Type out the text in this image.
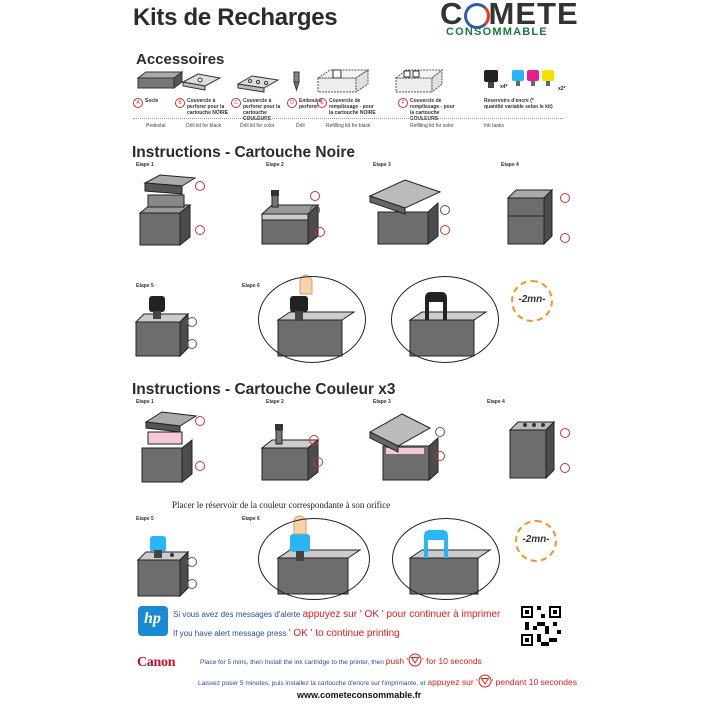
Kits de Recharges	C METE
CONSOMMABLE
Accessoires
x4*	x2*
A Socle	B Couvercle à perforer pour la cartouche NOIRE
C Couvercle à perforer pour la cartouche COULEURS
D Embout à perforer
E Couvercle de remplissage - pour la cartouche NOIRE
F Couvercle de remplissage - pour la cartouche COULEURS
Réservoirs d'encre (* quantité variable selon le kit)
Pedestal	Drill lid for black	Drill lid for color	Drill	Refilling lid for black	Refilling lid for color	Ink tanks
Instructions - Cartouche Noire
Etape 1	Etape 2	Etape 3	Etape 4
Etape 5	Etape 6
-2mn-
Instructions - Cartouche Couleur x3
Etape 1	Etape 2	Etape 3	Etape 4
Etape 5	Etape 6
Placer le réservoir de la couleur correspondante à son orifice
-2mn-
hp Si vous avez des messages d'alerte appuyez sur ' OK ' pour continuer à imprimer
If you have alert message press ' OK ' to continue printing
Canon	Place for 5 mins, then Install the ink cartridge to the printer, then push ' ' for 10 seconds
Laissez poser 5 minutes, puis installez la cartouche d'encre sur l'imprimante, et appuyez sur ' ' pendant 10 secondes
www.cometeconsommable.fr
